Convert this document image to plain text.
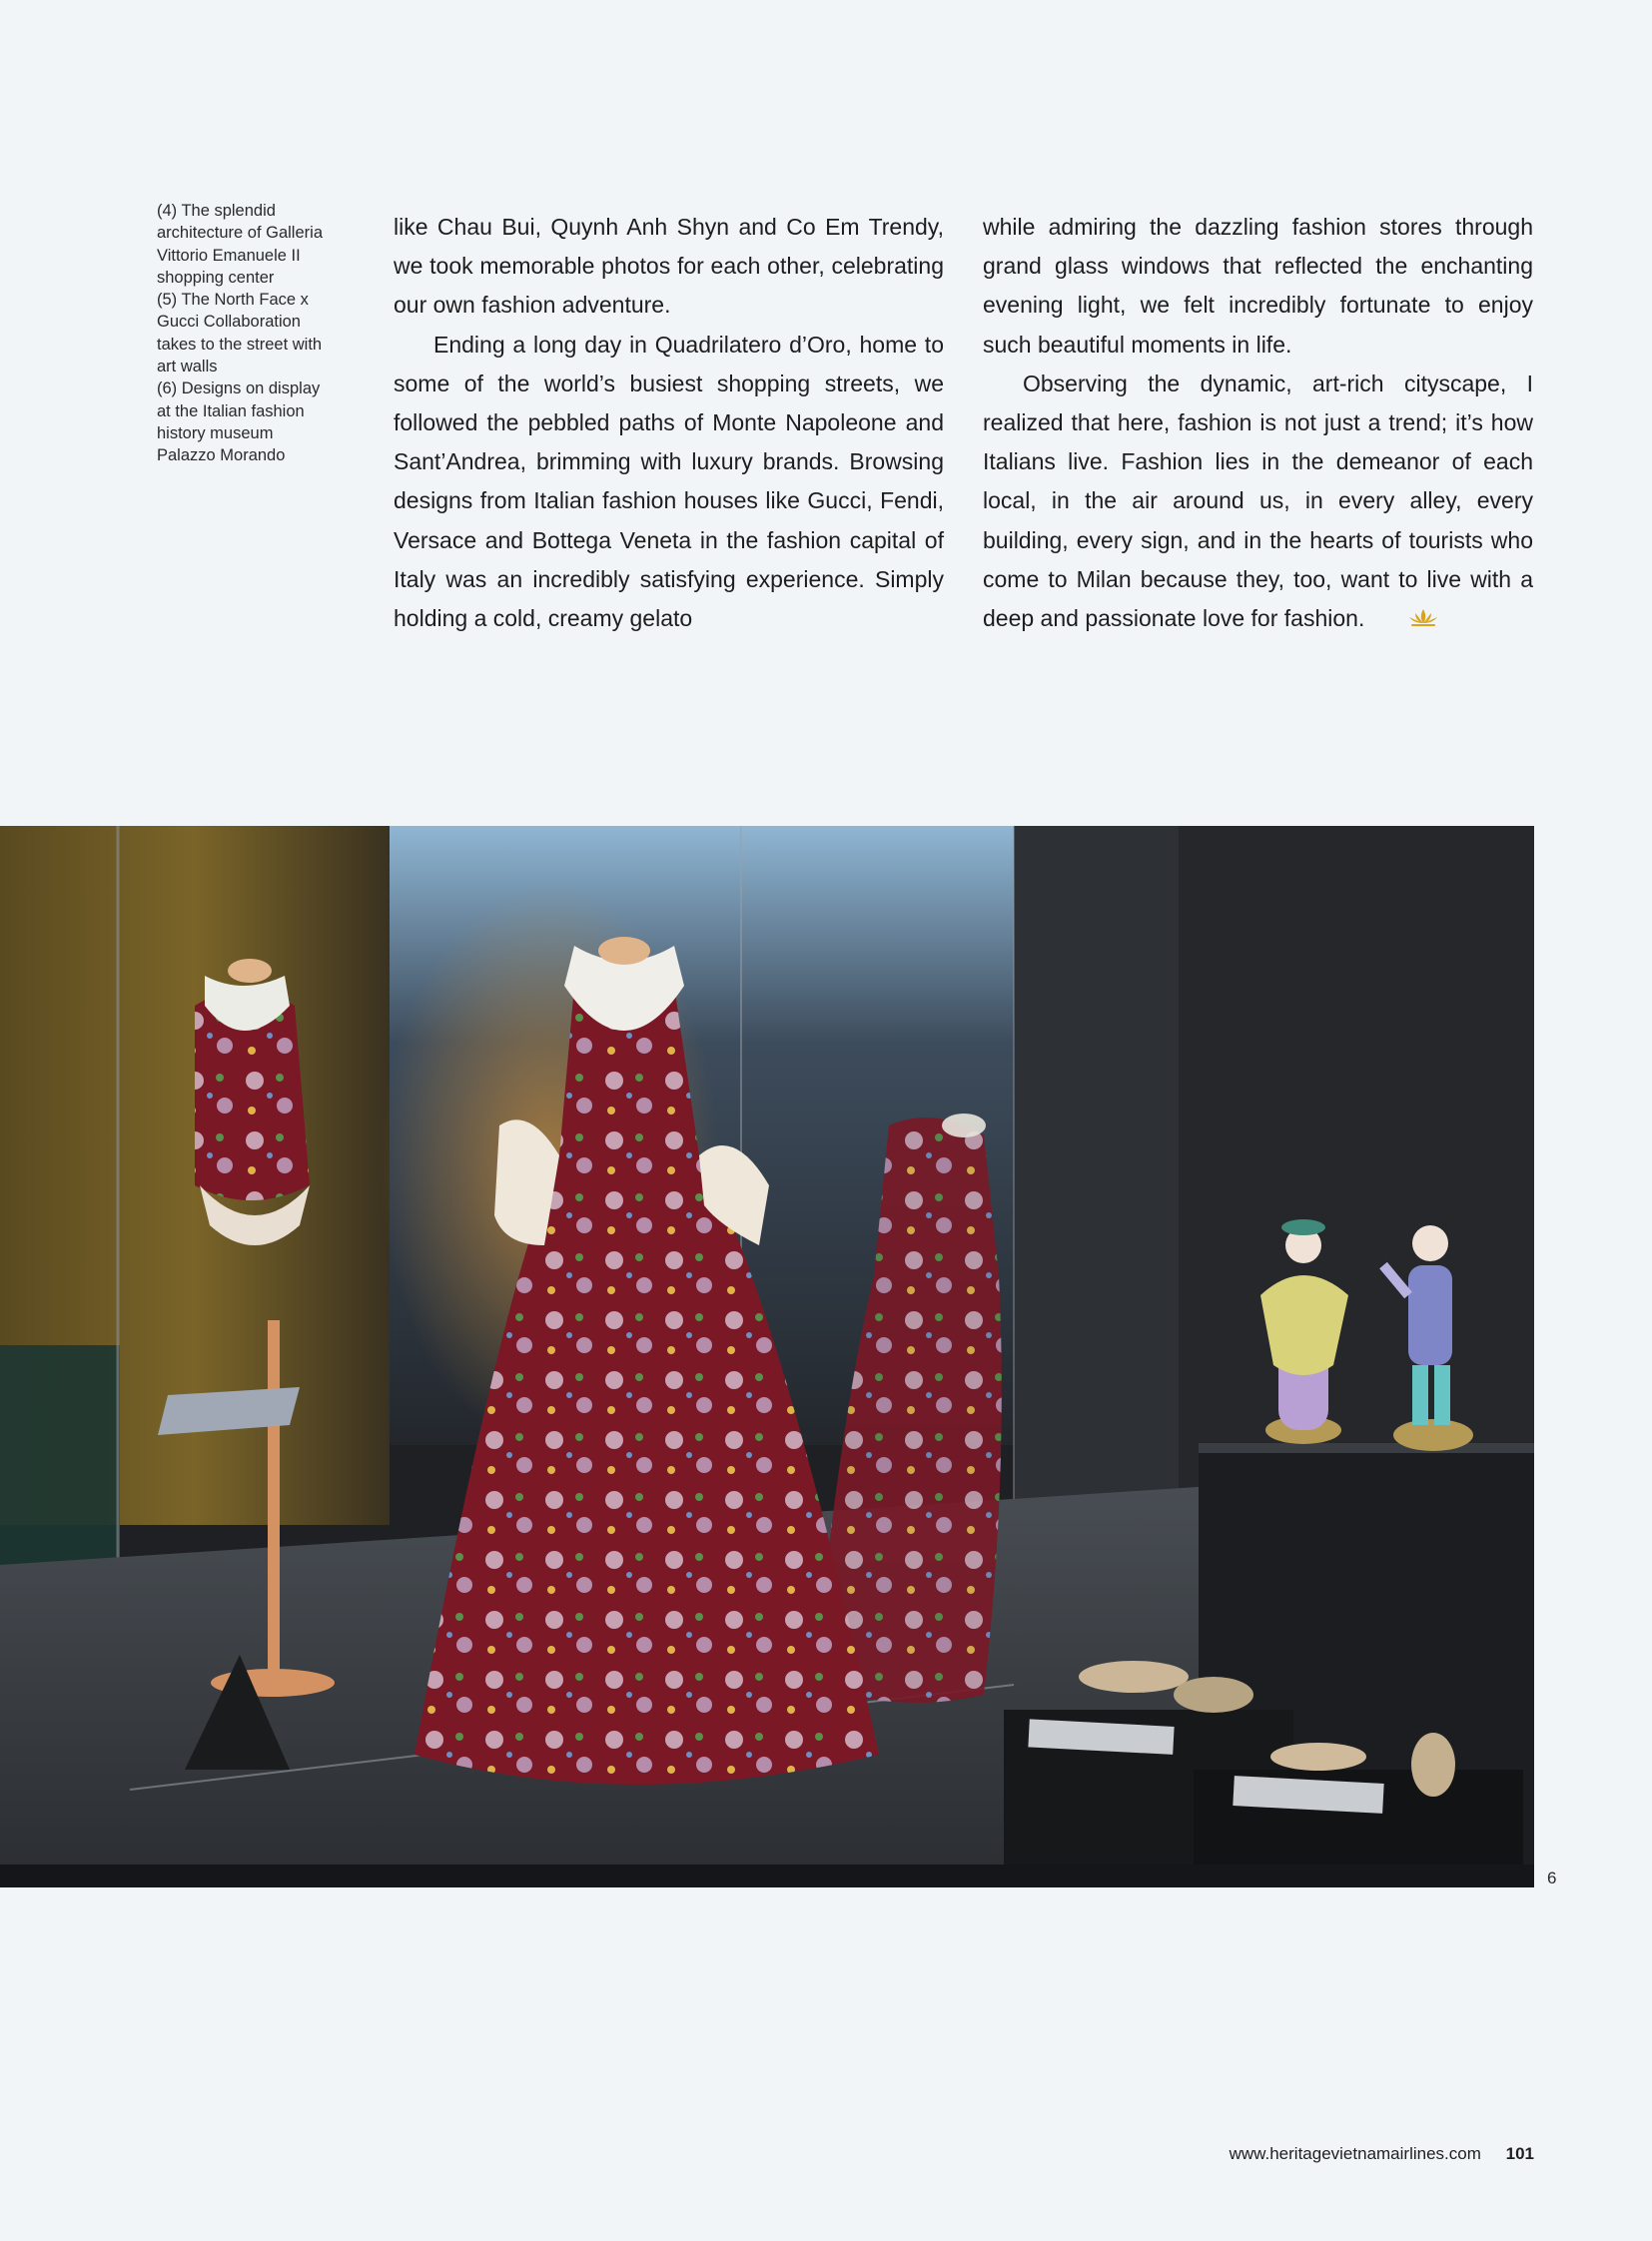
(4) The splendid

architecture of Galleria

Vittorio Emanuele II

shopping center

(5) The North Face x

Gucci Collaboration

takes to the street with

art walls

(6) Designs on display

at the Italian fashion

history museum

Palazzo Morando

like Chau Bui, Quynh Anh Shyn and Co Em Trendy, we took memorable photos for each other, celebrating our own fashion adventure.

Ending a long day in Quadrilatero d’Oro, home to some of the world’s busiest shopping streets, we followed the pebbled paths of Monte Napoleone and Sant’Andrea, brimming with luxury brands. Browsing designs from Italian fashion houses like Gucci, Fendi, Versace and Bottega Veneta in the fashion capital of Italy was an incredibly satisfying experience. Simply holding a cold, creamy gelato

while admiring the dazzling fashion stores through grand glass windows that reflected the enchanting evening light, we felt incredibly fortunate to enjoy such beautiful moments in life.

Observing the dynamic, art-rich cityscape, I realized that here, fashion is not just a trend; it’s how Italians live. Fashion lies in the demeanor of each local, in the air around us, in every alley, every building, every sign, and in the hearts of tourists who come to Milan because they, too, want to live with a deep and passionate love for fashion.

6
www.heritagevietnamairlines.com 101
